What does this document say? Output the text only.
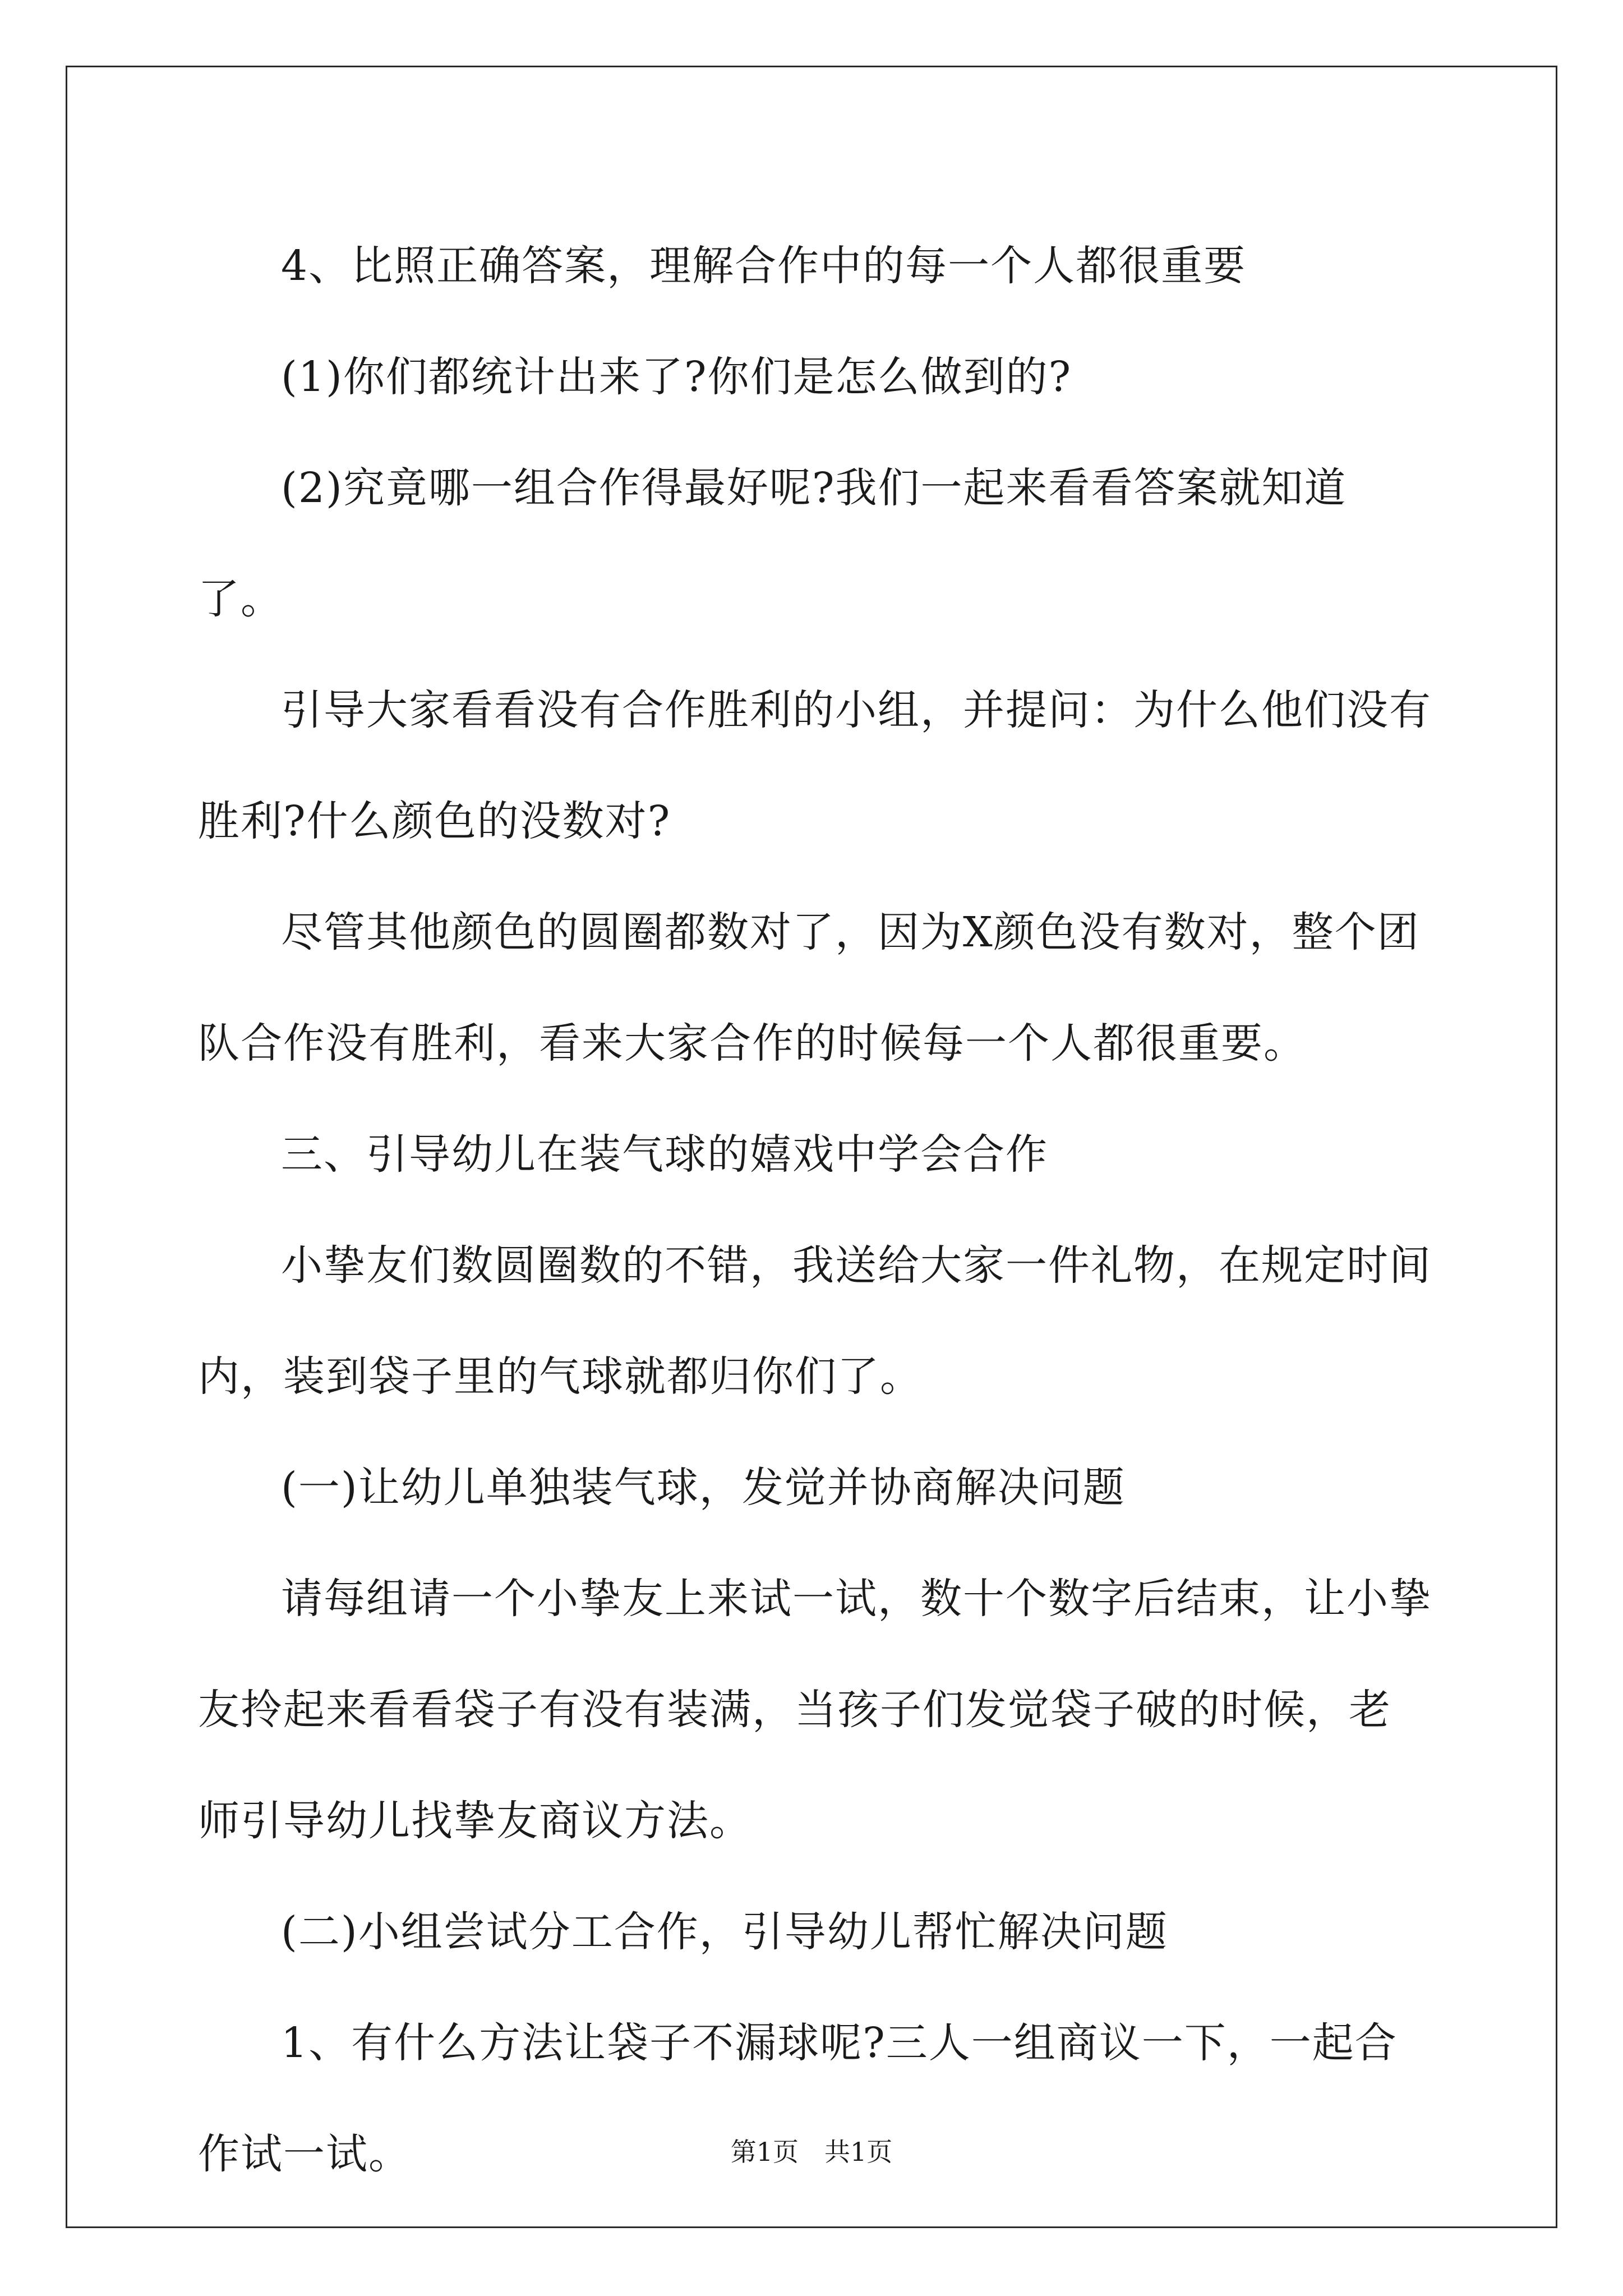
4、比照正确答案，理解合作中的每一个人都很重要

(1)你们都统计出来了?你们是怎么做到的?

(2)究竟哪一组合作得最好呢?我们一起来看看答案就知道了。

引导大家看看没有合作胜利的小组，并提问：为什么他们没有胜利?什么颜色的没数对?

尽管其他颜色的圆圈都数对了，因为X颜色没有数对，整个团队合作没有胜利，看来大家合作的时候每一个人都很重要。

三、引导幼儿在装气球的嬉戏中学会合作

小挚友们数圆圈数的不错，我送给大家一件礼物，在规定时间内，装到袋子里的气球就都归你们了。

(一)让幼儿单独装气球，发觉并协商解决问题

请每组请一个小挚友上来试一试，数十个数字后结束，让小挚友拎起来看看袋子有没有装满，当孩子们发觉袋子破的时候，老师引导幼儿找挚友商议方法。

(二)小组尝试分工合作，引导幼儿帮忙解决问题

1、有什么方法让袋子不漏球呢?三人一组商议一下，一起合作试一试。	第1页 共1页
